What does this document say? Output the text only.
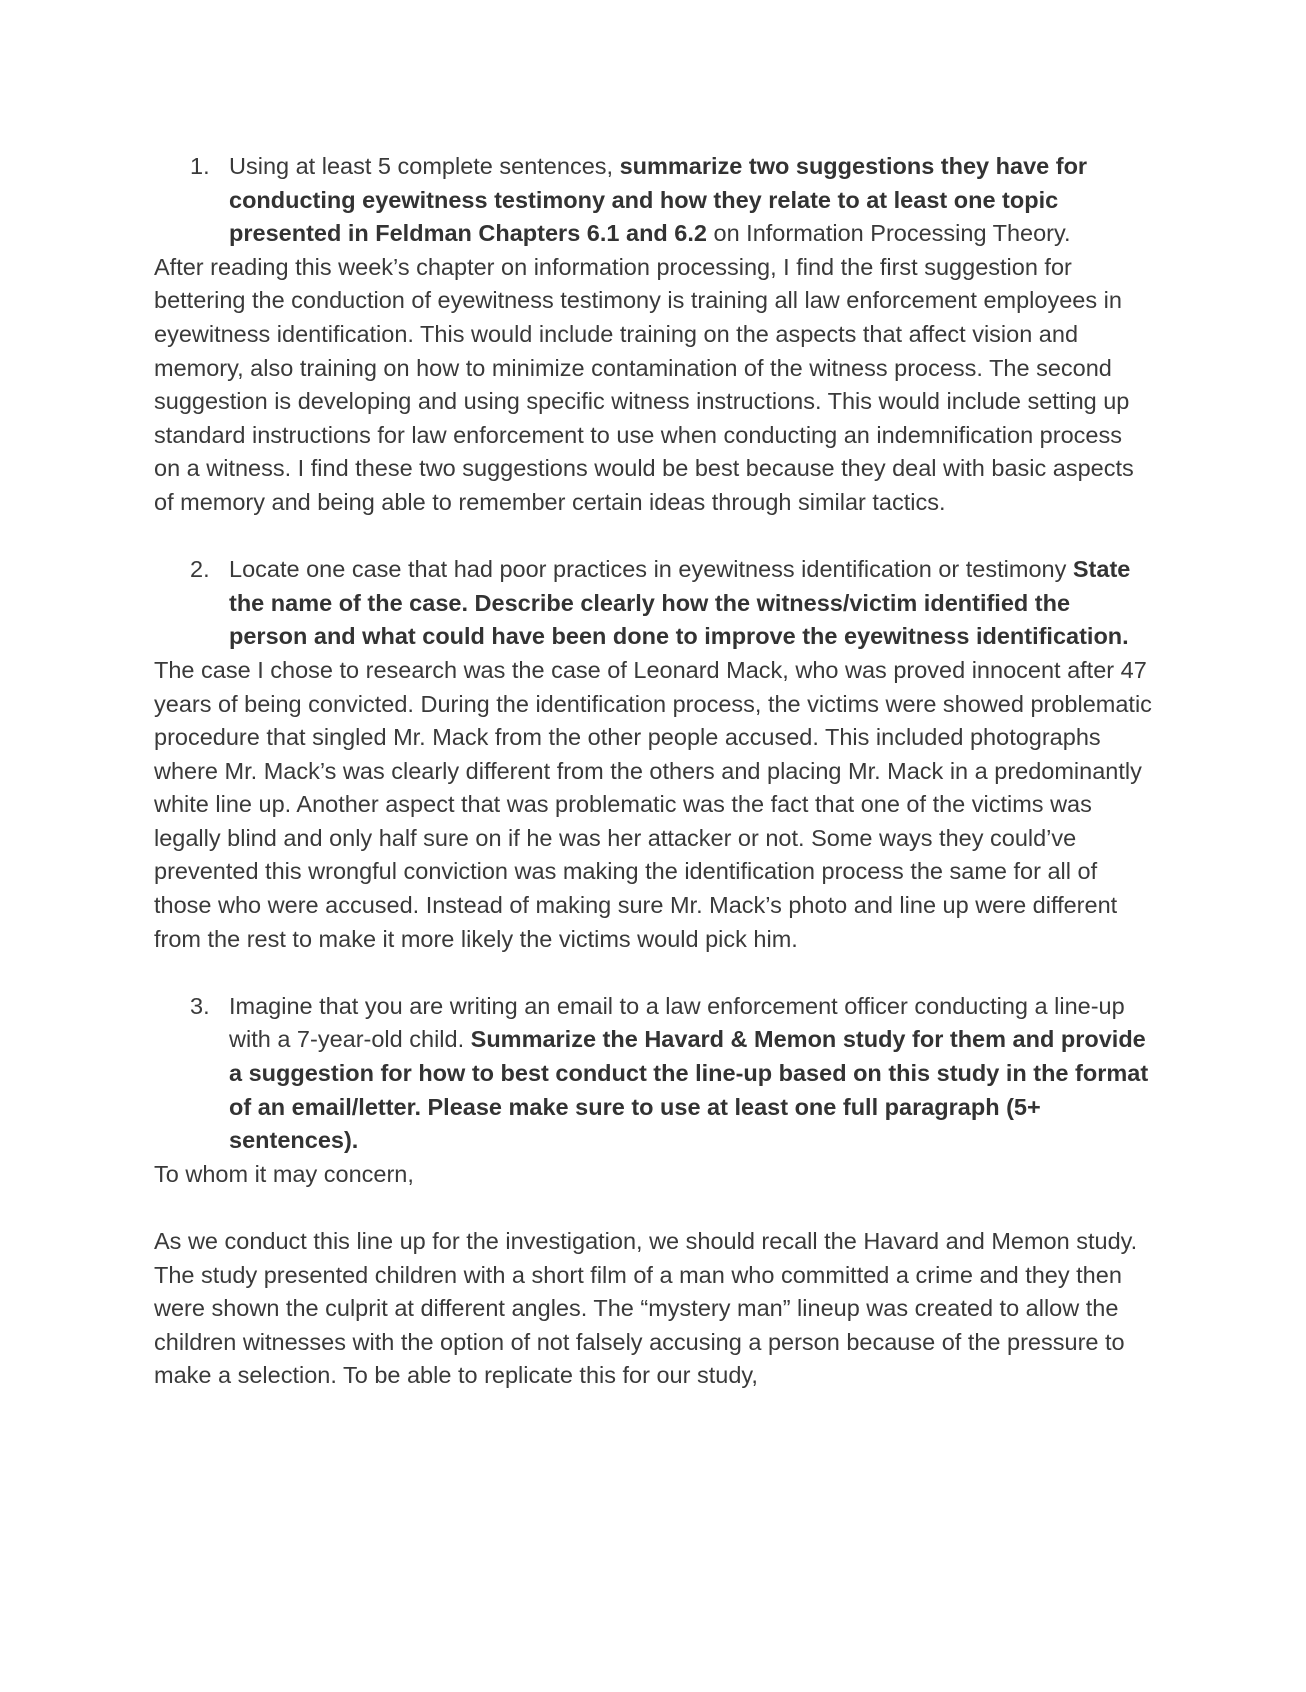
1. Using at least 5 complete sentences, summarize two suggestions they have for conducting eyewitness testimony and how they relate to at least one topic presented in Feldman Chapters 6.1 and 6.2 on Information Processing Theory.

After reading this week’s chapter on information processing, I find the first suggestion for bettering the conduction of eyewitness testimony is training all law enforcement employees in eyewitness identification. This would include training on the aspects that affect vision and memory, also training on how to minimize contamination of the witness process. The second suggestion is developing and using specific witness instructions. This would include setting up standard instructions for law enforcement to use when conducting an indemnification process on a witness. I find these two suggestions would be best because they deal with basic aspects of memory and being able to remember certain ideas through similar tactics.

2. Locate one case that had poor practices in eyewitness identification or testimony State the name of the case. Describe clearly how the witness/victim identified the person and what could have been done to improve the eyewitness identification.

The case I chose to research was the case of Leonard Mack, who was proved innocent after 47 years of being convicted. During the identification process, the victims were showed problematic procedure that singled Mr. Mack from the other people accused. This included photographs where Mr. Mack’s was clearly different from the others and placing Mr. Mack in a predominantly white line up. Another aspect that was problematic was the fact that one of the victims was legally blind and only half sure on if he was her attacker or not. Some ways they could’ve prevented this wrongful conviction was making the identification process the same for all of those who were accused. Instead of making sure Mr. Mack’s photo and line up were different from the rest to make it more likely the victims would pick him.

3. Imagine that you are writing an email to a law enforcement officer conducting a line-up with a 7-year-old child. Summarize the Havard & Memon study for them and provide a suggestion for how to best conduct the line-up based on this study in the format of an email/letter. Please make sure to use at least one full paragraph (5+ sentences).

To whom it may concern,

As we conduct this line up for the investigation, we should recall the Havard and Memon study. The study presented children with a short film of a man who committed a crime and they then were shown the culprit at different angles. The “mystery man” lineup was created to allow the children witnesses with the option of not falsely accusing a person because of the pressure to make a selection. To be able to replicate this for our study,
